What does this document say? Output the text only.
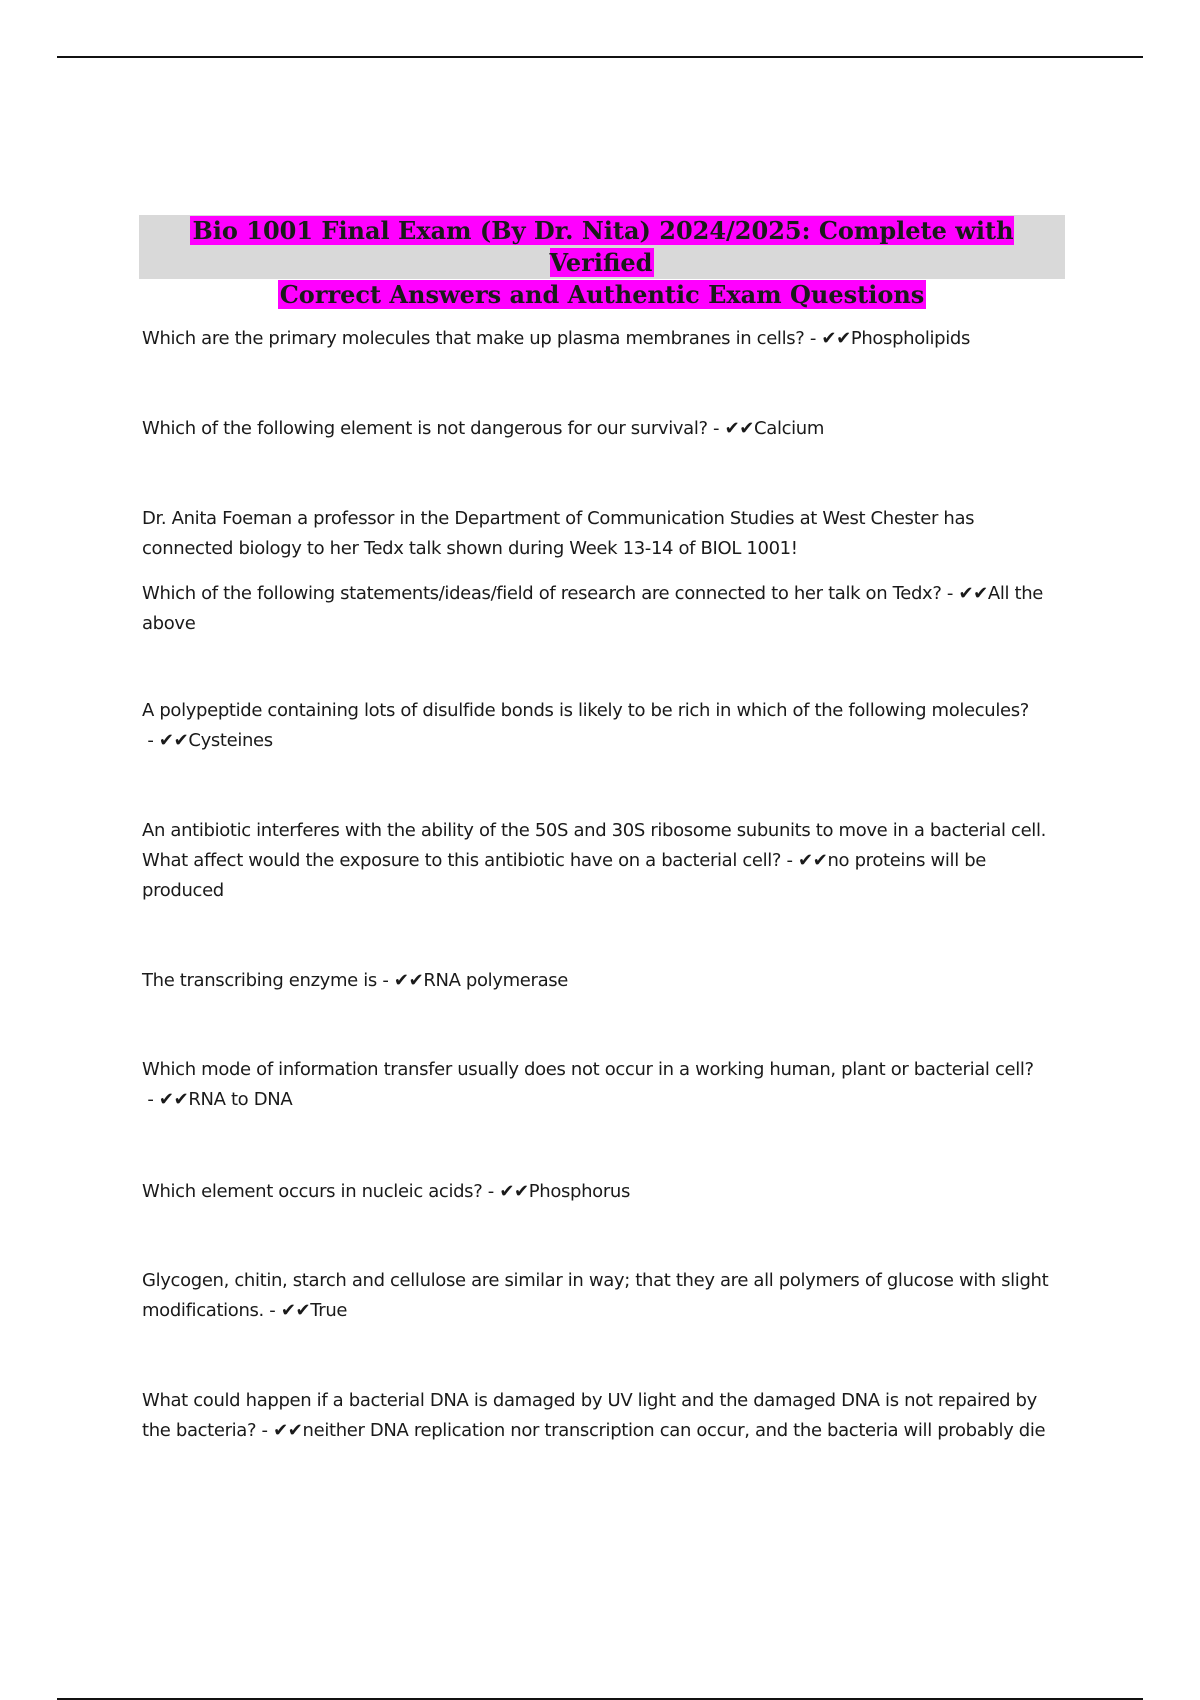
Bio 1001 Final Exam (By Dr. Nita) 2024/2025: Complete with Verified
Correct Answers and Authentic Exam Questions

Which are the primary molecules that make up plasma membranes in cells? - ✔✔Phospholipids

Which of the following element is not dangerous for our survival? - ✔✔Calcium

Dr. Anita Foeman a professor in the Department of Communication Studies at West Chester has connected biology to her Tedx talk shown during Week 13-14 of BIOL 1001!

Which of the following statements/ideas/field of research are connected to her talk on Tedx? - ✔✔All the above

A polypeptide containing lots of disulfide bonds is likely to be rich in which of the following molecules? - ✔✔Cysteines

An antibiotic interferes with the ability of the 50S and 30S ribosome subunits to move in a bacterial cell. What affect would the exposure to this antibiotic have on a bacterial cell? - ✔✔no proteins will be produced

The transcribing enzyme is - ✔✔RNA polymerase

Which mode of information transfer usually does not occur in a working human, plant or bacterial cell? - ✔✔RNA to DNA

Which element occurs in nucleic acids? - ✔✔Phosphorus

Glycogen, chitin, starch and cellulose are similar in way; that they are all polymers of glucose with slight modifications. - ✔✔True

What could happen if a bacterial DNA is damaged by UV light and the damaged DNA is not repaired by the bacteria? - ✔✔neither DNA replication nor transcription can occur, and the bacteria will probably die
